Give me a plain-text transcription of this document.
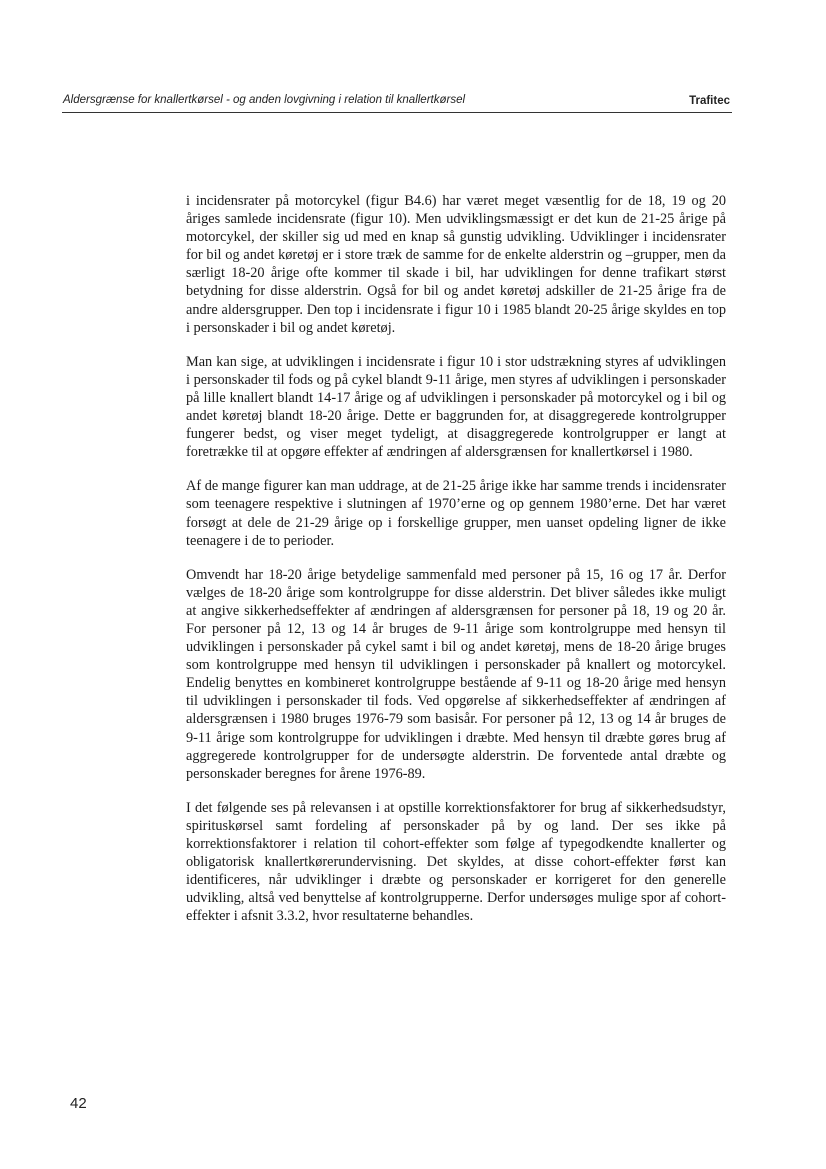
Aldersgrænse for knallertkørsel - og anden lovgivning i relation til knallertkørsel	Trafitec

i incidensrater på motorcykel (figur B4.6) har været meget væsentlig for de 18, 19 og 20 åriges samlede incidensrate (figur 10). Men udviklingsmæssigt er det kun de 21-25 årige på motorcykel, der skiller sig ud med en knap så gunstig udvikling. Udviklinger i incidensrater for bil og andet køretøj er i store træk de samme for de enkelte alderstrin og –grupper, men da særligt 18-20 årige ofte kommer til skade i bil, har udviklingen for denne trafikart størst betydning for disse alderstrin. Også for bil og andet køretøj adskiller de 21-25 årige fra de andre aldersgrupper. Den top i incidensrate i figur 10 i 1985 blandt 20-25 årige skyldes en top i personskader i bil og andet køretøj.

Man kan sige, at udviklingen i incidensrate i figur 10 i stor udstrækning styres af udviklingen i personskader til fods og på cykel blandt 9-11 årige, men styres af udviklingen i personskader på lille knallert blandt 14-17 årige og af udviklingen i personskader på motorcykel og i bil og andet køretøj blandt 18-20 årige. Dette er baggrunden for, at disaggregerede kontrolgrupper fungerer bedst, og viser meget tydeligt, at disaggregerede kontrolgrupper er langt at foretrække til at opgøre effekter af ændringen af aldersgrænsen for knallertkørsel i 1980.

Af de mange figurer kan man uddrage, at de 21-25 årige ikke har samme trends i incidensrater som teenagere respektive i slutningen af 1970’erne og op gennem 1980’erne. Det har været forsøgt at dele de 21-29 årige op i forskellige grupper, men uanset opdeling ligner de ikke teenagere i de to perioder.

Omvendt har 18-20 årige betydelige sammenfald med personer på 15, 16 og 17 år. Derfor vælges de 18-20 årige som kontrolgruppe for disse alderstrin. Det bliver således ikke muligt at angive sikkerhedseffekter af ændringen af aldersgrænsen for personer på 18, 19 og 20 år. For personer på 12, 13 og 14 år bruges de 9-11 årige som kontrolgruppe med hensyn til udviklingen i personskader på cykel samt i bil og andet køretøj, mens de 18-20 årige bruges som kontrolgruppe med hensyn til udviklingen i personskader på knallert og motorcykel. Endelig benyttes en kombineret kontrolgruppe bestående af 9-11 og 18-20 årige med hensyn til udviklingen i personskader til fods. Ved opgørelse af sikkerhedseffekter af ændringen af aldersgrænsen i 1980 bruges 1976-79 som basisår. For personer på 12, 13 og 14 år bruges de 9-11 årige som kontrolgruppe for udviklingen i dræbte. Med hensyn til dræbte gøres brug af aggregerede kontrolgrupper for de undersøgte alderstrin. De forventede antal dræbte og personskader beregnes for årene 1976-89.

I det følgende ses på relevansen i at opstille korrektionsfaktorer for brug af sikkerhedsudstyr, spirituskørsel samt fordeling af personskader på by og land. Der ses ikke på korrektionsfaktorer i relation til cohort-effekter som følge af typegodkendte knallerter og obligatorisk knallertkørerundervisning. Det skyldes, at disse cohort-effekter først kan identificeres, når udviklinger i dræbte og personskader er korrigeret for den generelle udvikling, altså ved benyttelse af kontrolgrupperne. Derfor undersøges mulige spor af cohort-effekter i afsnit 3.3.2, hvor resultaterne behandles.

42
